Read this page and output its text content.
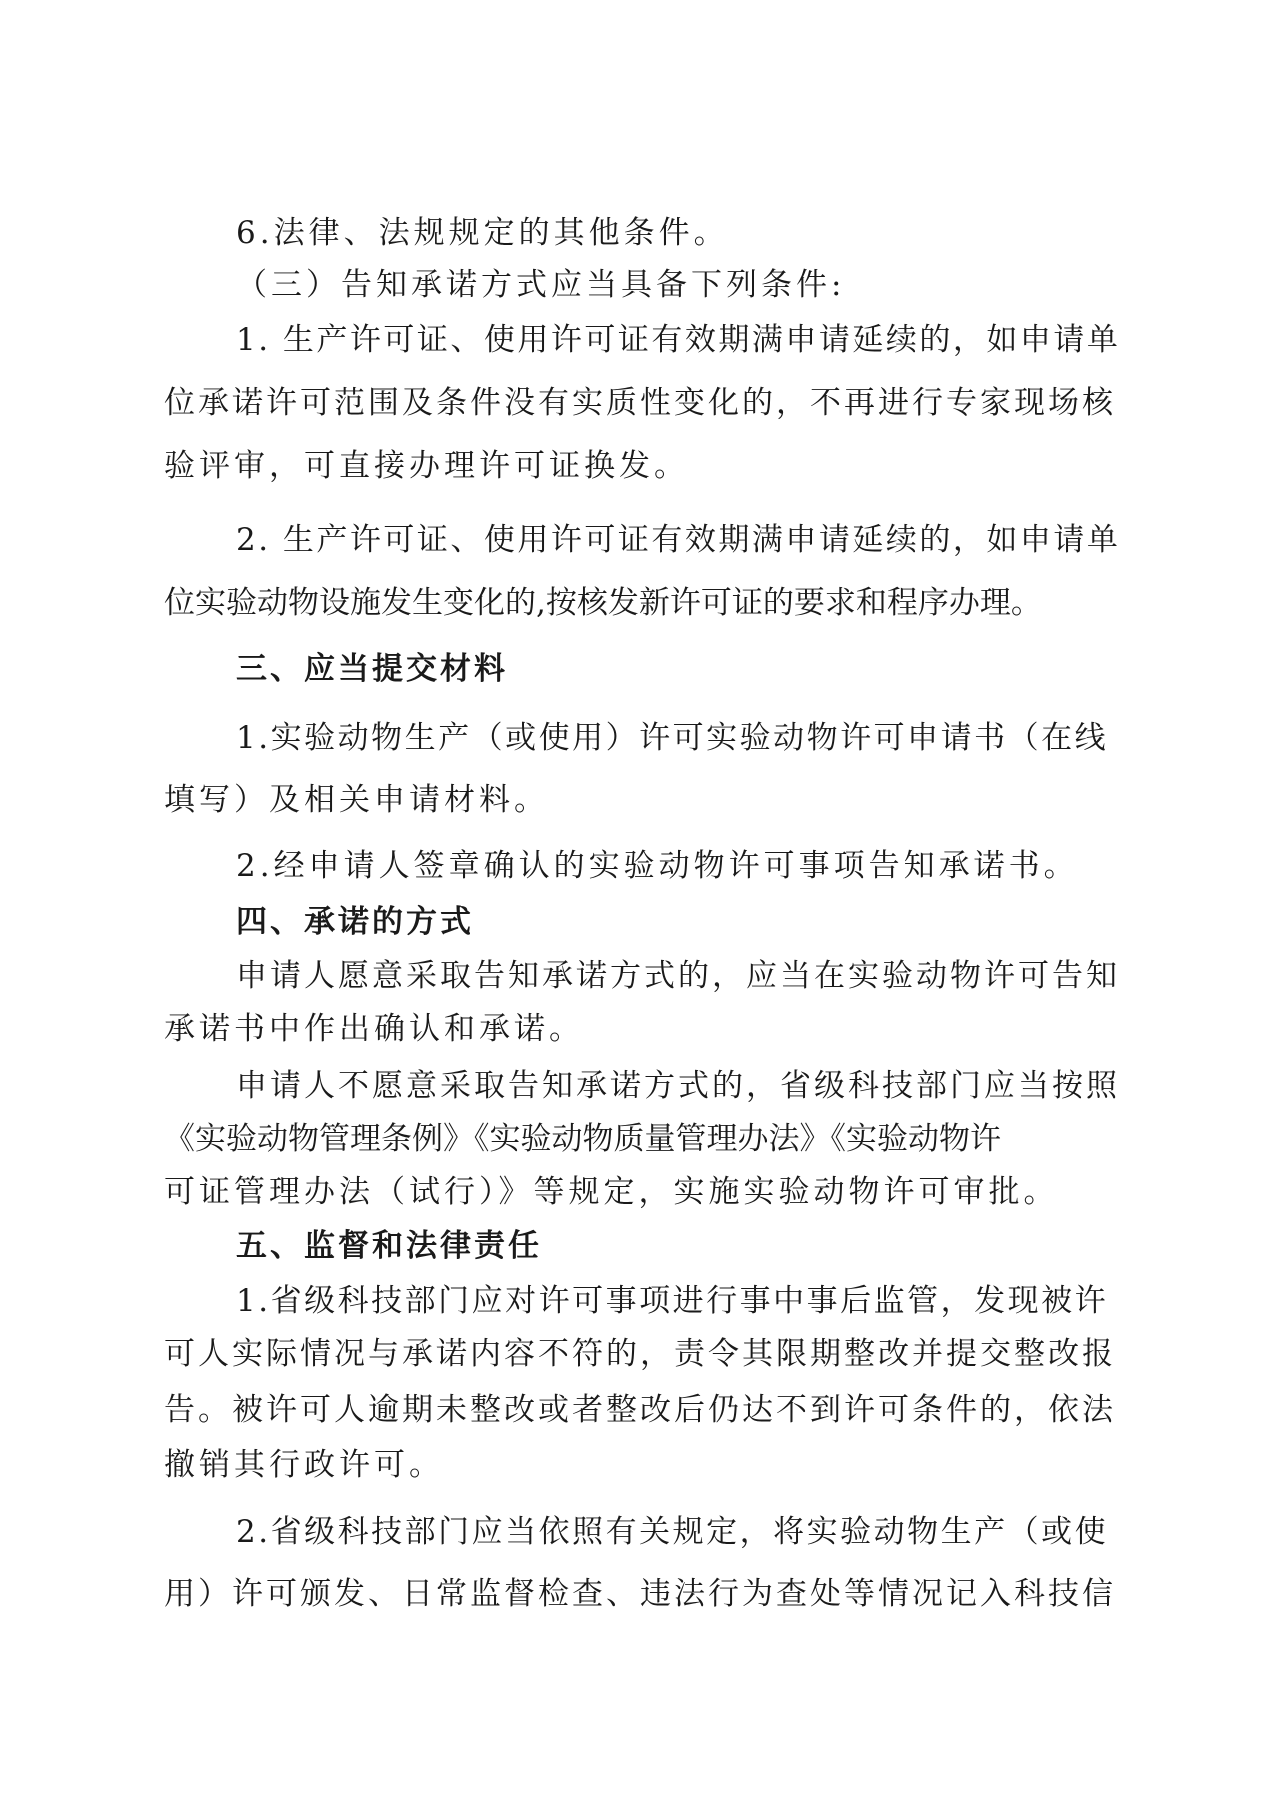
6.法律、法规规定的其他条件。
（三）告知承诺方式应当具备下列条件:
1. 生产许可证、使用许可证有效期满申请延续的，如申请单
位承诺许可范围及条件没有实质性变化的，不再进行专家现场核
验评审，可直接办理许可证换发。
2. 生产许可证、使用许可证有效期满申请延续的，如申请单
位实验动物设施发生变化的,按核发新许可证的要求和程序办理。
三、应当提交材料
1.实验动物生产（或使用）许可实验动物许可申请书（在线
填写）及相关申请材料。
2.经申请人签章确认的实验动物许可事项告知承诺书。
四、承诺的方式
申请人愿意采取告知承诺方式的，应当在实验动物许可告知
承诺书中作出确认和承诺。
申请人不愿意采取告知承诺方式的，省级科技部门应当按照
《实验动物管理条例》《实验动物质量管理办法》《实验动物许
可证管理办法（试行）》等规定，实施实验动物许可审批。
五、监督和法律责任
1.省级科技部门应对许可事项进行事中事后监管，发现被许
可人实际情况与承诺内容不符的，责令其限期整改并提交整改报
告。被许可人逾期未整改或者整改后仍达不到许可条件的，依法
撤销其行政许可。
2.省级科技部门应当依照有关规定，将实验动物生产（或使
用）许可颁发、日常监督检查、违法行为查处等情况记入科技信
